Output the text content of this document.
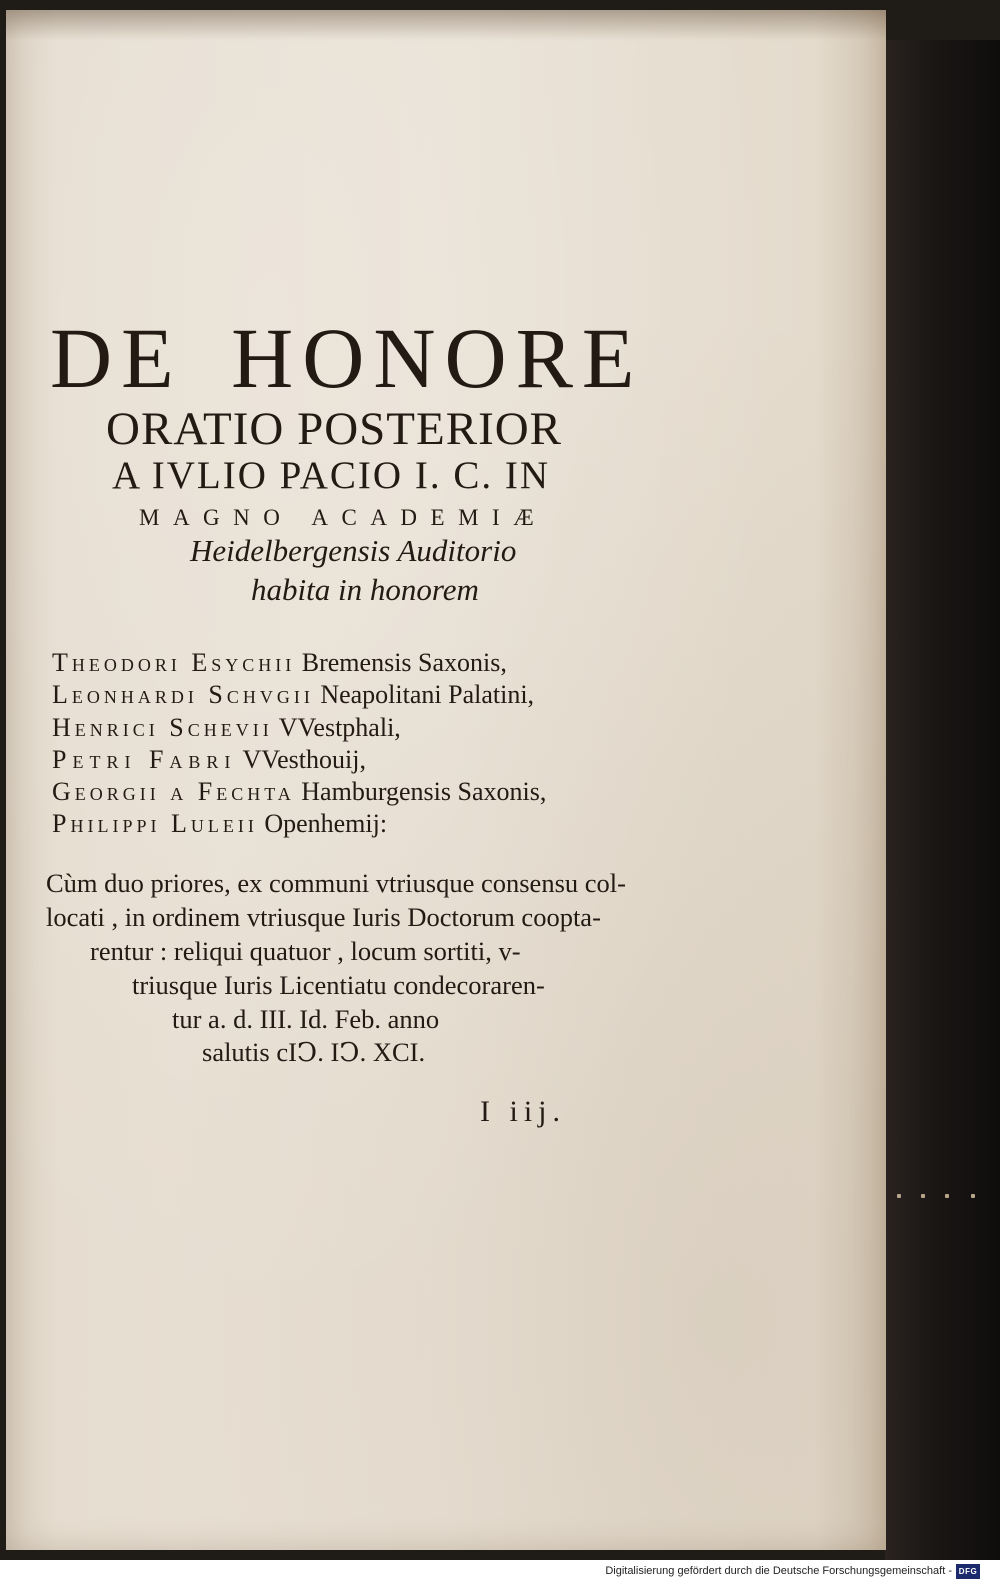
DE HONORE
ORATIO POSTERIOR
A IVLIO PACIO I. C. IN
MAGNO ACADEMIÆ
Heidelbergensis Auditorio
habita in honorem
Theodori Esychii Bremensis Saxonis,
Leonhardi Schvgii Neapolitani Palatini,
Henrici Schevii VVestphali,
Petri Fabri VVesthouij,
Georgii a Fechta Hamburgensis Saxonis,
Philippi Luleii Openhemij:
Cùm duo priores, ex communi vtriusque consensu col-
locati , in ordinem vtriusque Iuris Doctorum coopta-
rentur : reliqui quatuor , locum sortiti, v-
triusque Iuris Licentiatu condecoraren-
tur a. d. III. Id. Feb. anno
salutis cIↃ. IↃ. XCI.
I iij.
Digitalisierung gefördert durch die Deutsche Forschungsgemeinschaft - DFG
